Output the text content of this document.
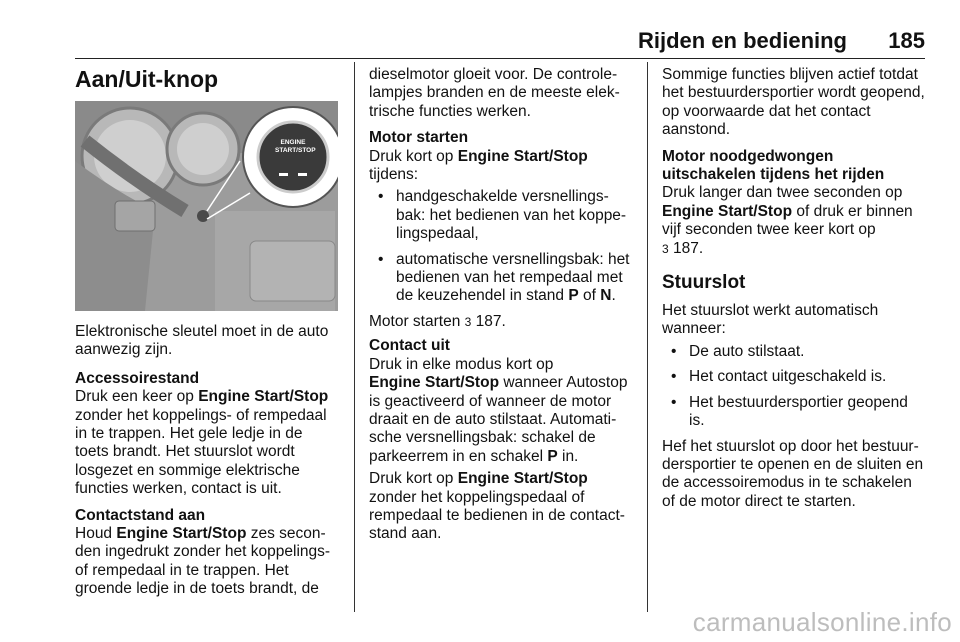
Rijden en bediening 185
Aan/Uit-knop
ENGINE
START/STOP

Elektronische sleutel moet in de auto aanwezig zijn.

Accessoirestand

Druk een keer op Engine Start/Stop zonder het koppelings- of rempedaal in te trappen. Het gele ledje in de toets brandt. Het stuurslot wordt losgezet en sommige elektrische functies werken, contact is uit.

Contactstand aan

Houd Engine Start/Stop zes secon-den ingedrukt zonder het koppelings-of rempedaal in te trappen. Het groende ledje in de toets brandt, de

dieselmotor gloeit voor. De controle-lampjes branden en de meeste elek-trische functies werken.

Motor starten

Druk kort op Engine Start/Stop
tijdens:

• handgeschakelde versnellings-bak: het bedienen van het koppe-lingspedaal,
• automatische versnellingsbak: het bedienen van het rempedaal met de keuzehendel in stand P of N.

Motor starten 3 187.

Contact uit

Druk in elke modus kort op
Engine Start/Stop wanneer Autostop is geactiveerd of wanneer de motor draait en de auto stilstaat. Automati-sche versnellingsbak: schakel de parkeerrem in en schakel P in.

Druk kort op Engine Start/Stop
zonder het koppelingspedaal of rempedaal te bedienen in de contact-stand aan.

Sommige functies blijven actief totdat het bestuurdersportier wordt geopend, op voorwaarde dat het contact aanstond.

Motor noodgedwongen uitschakelen tijdens het rijden

Druk langer dan twee seconden op Engine Start/Stop of druk er binnen vijf seconden twee keer kort op
3 187.

Stuurslot

Het stuurslot werkt automatisch wanneer:

• De auto stilstaat.
• Het contact uitgeschakeld is.
• Het bestuurdersportier geopend is.

Hef het stuurslot op door het bestuur-dersportier te openen en de sluiten en de accessoiremodus in te schakelen of de motor direct te starten.

carmanualsonline.info
